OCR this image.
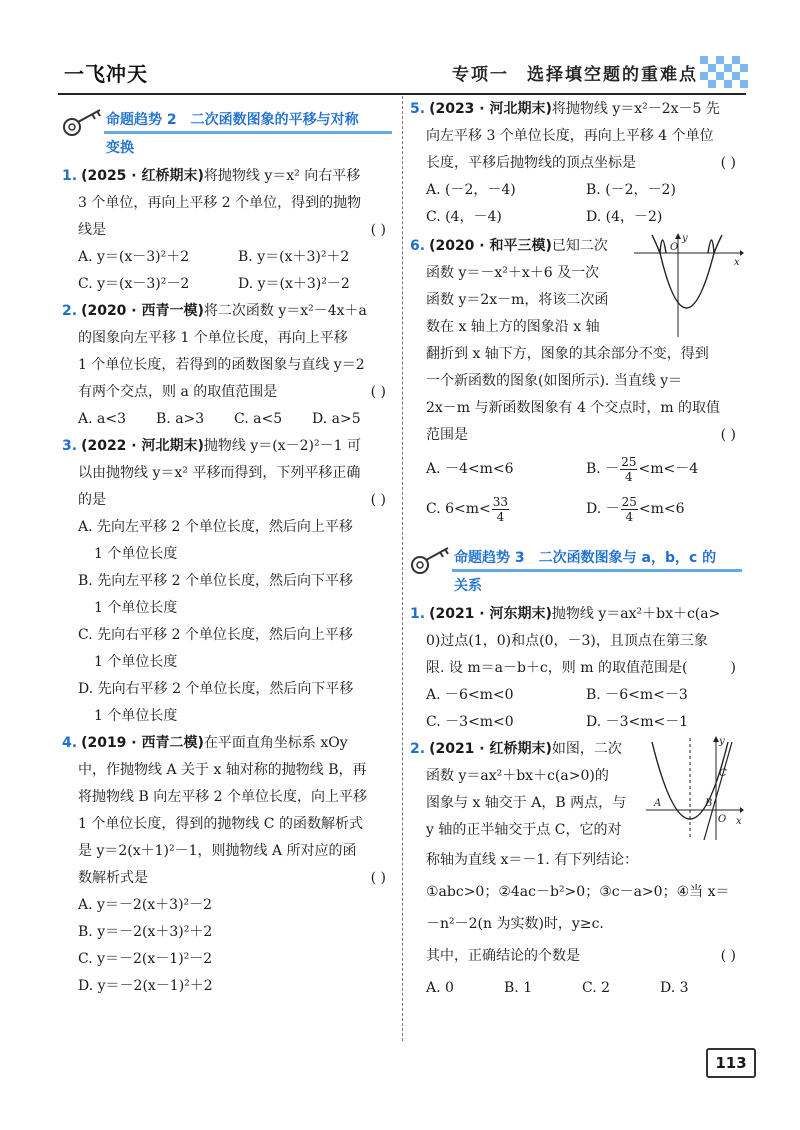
一飞冲天	专项一 选择填空题的重难点
命题趋势 2 二次函数图象的平移与对称
变换
1. (2025 · 红桥期末)将抛物线 y＝x² 向右平移
3 个单位，再向上平移 2 个单位，得到的抛物
线是	( )
A. y＝(x－3)²＋2	B. y＝(x＋3)²＋2
C. y＝(x－3)²－2	D. y＝(x＋3)²－2
2. (2020 · 西青一模)将二次函数 y＝x²－4x＋a
的图象向左平移 1 个单位长度，再向上平移
1 个单位长度，若得到的函数图象与直线 y＝2
有两个交点，则 a 的取值范围是	( )
A. a<3 B. a>3 C. a<5 D. a>5
3. (2022 · 河北期末)抛物线 y＝(x－2)²－1 可
以由抛物线 y＝x² 平移而得到，下列平移正确
的是	( )
A. 先向左平移 2 个单位长度，然后向上平移
1 个单位长度
B. 先向左平移 2 个单位长度，然后向下平移
1 个单位长度
C. 先向右平移 2 个单位长度，然后向上平移
1 个单位长度
D. 先向右平移 2 个单位长度，然后向下平移
1 个单位长度
4. (2019 · 西青二模)在平面直角坐标系 xOy
中，作抛物线 A 关于 x 轴对称的抛物线 B，再
将抛物线 B 向左平移 2 个单位长度，向上平移
1 个单位长度，得到的抛物线 C 的函数解析式
是 y＝2(x＋1)²－1，则抛物线 A 所对应的函
数解析式是	( )
A. y＝－2(x＋3)²－2
B. y＝－2(x＋3)²＋2
C. y＝－2(x－1)²－2
D. y＝－2(x－1)²＋2
5. (2023 · 河北期末)将抛物线 y＝x²－2x－5 先
向左平移 3 个单位长度，再向上平移 4 个单位
长度，平移后抛物线的顶点坐标是	( )
A. (－2，－4)	B. (－2，－2)
C. (4，－4)	D. (4，－2)
O
y
x
6. (2020 · 和平三模)已知二次
函数 y＝－x²＋x＋6 及一次
函数 y＝2x－m，将该二次函
数在 x 轴上方的图象沿 x 轴
翻折到 x 轴下方，图象的其余部分不变，得到
一个新函数的图象(如图所示). 当直线 y＝
2x－m 与新函数图象有 4 个交点时，m 的取值
范围是	( )
A. －4<m<6	B. － $\frac{25}{4} <m<-4$
C. $6<m< \frac{33}{4}$	D. － $\frac{25}{4} <m<6$
命题趋势 3 二次函数图象与 a，b，c 的
关系
1. (2021 · 河东期末)抛物线 y＝ax²＋bx＋c(a>
0)过点(1，0)和点(0，－3)，且顶点在第三象
限. 设 m＝a－b＋c，则 m 的取值范围是(	)
A. －6<m<0	B. －6<m<－3
C. －3<m<0	D. －3<m<－1
y
x
A	B
C
O
2. (2021 · 红桥期末)如图，二次
函数 y＝ax²＋bx＋c(a>0)的
图象与 x 轴交于 A，B 两点，与
y 轴的正半轴交于点 C，它的对
称轴为直线 x＝－1. 有下列结论：
①abc>0；②4ac－b²>0；③c－a>0；④当 x＝
－n²－2(n 为实数)时，y≥c.
其中，正确结论的个数是	( )
A. 0	B. 1	C. 2	D. 3
113
